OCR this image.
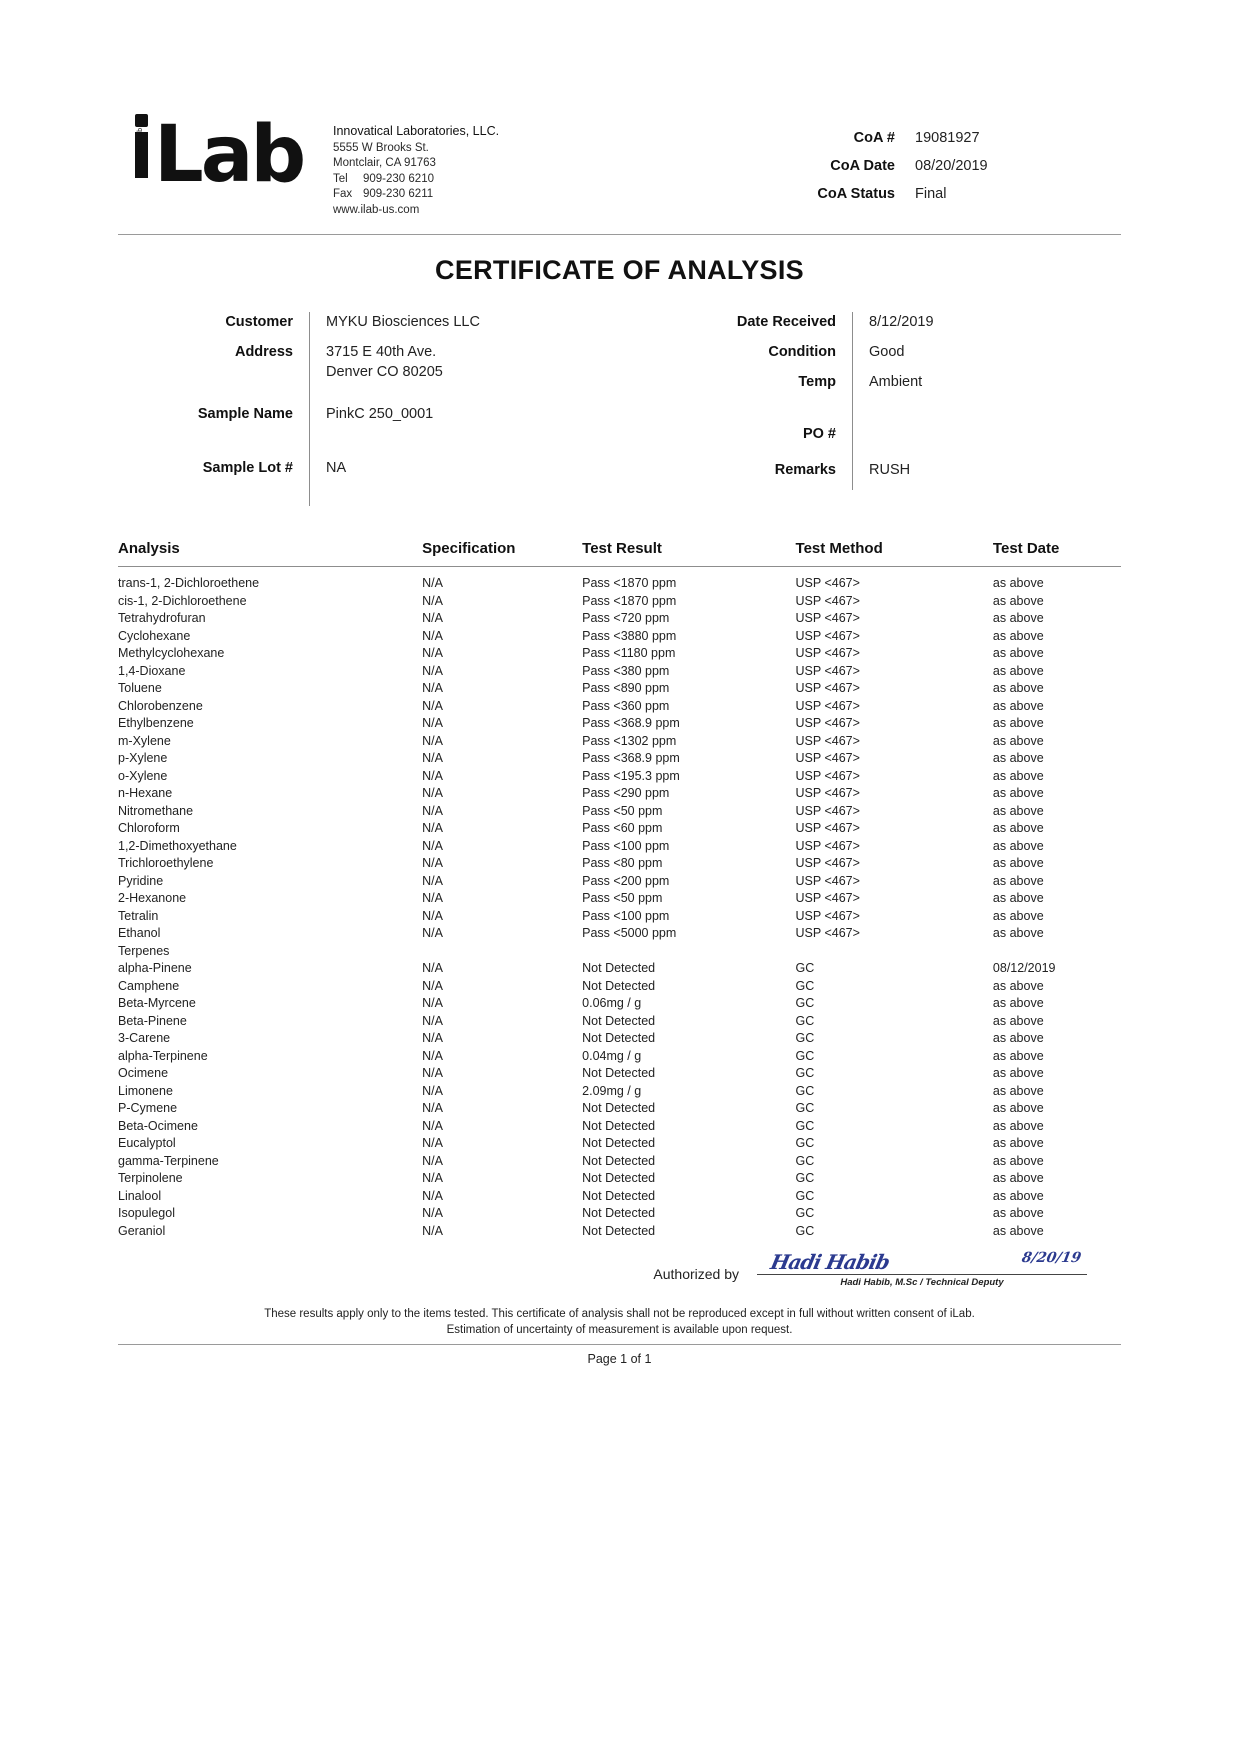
of iLab Lab Innovatical Laboratories, LLC.
5555 W Brooks St.
Montclair, CA 91763
Tel 909-230 6210
Fax 909-230 6211
www.ilab-us.com
CoA #	19081927
CoA Date	08/20/2019
CoA Status	Final
CERTIFICATE OF ANALYSIS
Customer	MYKU Biosciences LLC
Address	3715 E 40th Ave.
Denver CO 80205
Sample Name	PinkC 250_0001
Sample Lot #	NA
Date Received	8/12/2019
Condition	Good
Temp	Ambient
PO #
Remarks	RUSH
Analysis	Specification	Test Result	Test Method	Test Date
trans-1, 2-Dichloroethene	N/A	Pass <1870 ppm	USP <467>	as above
cis-1, 2-Dichloroethene	N/A	Pass <1870 ppm	USP <467>	as above
Tetrahydrofuran	N/A	Pass <720 ppm	USP <467>	as above
Cyclohexane	N/A	Pass <3880 ppm	USP <467>	as above
Methylcyclohexane	N/A	Pass <1180 ppm	USP <467>	as above
1,4-Dioxane	N/A	Pass <380 ppm	USP <467>	as above
Toluene	N/A	Pass <890 ppm	USP <467>	as above
Chlorobenzene	N/A	Pass <360 ppm	USP <467>	as above
Ethylbenzene	N/A	Pass <368.9 ppm	USP <467>	as above
m-Xylene	N/A	Pass <1302 ppm	USP <467>	as above
p-Xylene	N/A	Pass <368.9 ppm	USP <467>	as above
o-Xylene	N/A	Pass <195.3 ppm	USP <467>	as above
n-Hexane	N/A	Pass <290 ppm	USP <467>	as above
Nitromethane	N/A	Pass <50 ppm	USP <467>	as above
Chloroform	N/A	Pass <60 ppm	USP <467>	as above
1,2-Dimethoxyethane	N/A	Pass <100 ppm	USP <467>	as above
Trichloroethylene	N/A	Pass <80 ppm	USP <467>	as above
Pyridine	N/A	Pass <200 ppm	USP <467>	as above
2-Hexanone	N/A	Pass <50 ppm	USP <467>	as above
Tetralin	N/A	Pass <100 ppm	USP <467>	as above
Ethanol	N/A	Pass <5000 ppm	USP <467>	as above
Terpenes				
alpha-Pinene	N/A	Not Detected	GC	08/12/2019
Camphene	N/A	Not Detected	GC	as above
Beta-Myrcene	N/A	0.06mg / g	GC	as above
Beta-Pinene	N/A	Not Detected	GC	as above
3-Carene	N/A	Not Detected	GC	as above
alpha-Terpinene	N/A	0.04mg / g	GC	as above
Ocimene	N/A	Not Detected	GC	as above
Limonene	N/A	2.09mg / g	GC	as above
P-Cymene	N/A	Not Detected	GC	as above
Beta-Ocimene	N/A	Not Detected	GC	as above
Eucalyptol	N/A	Not Detected	GC	as above
gamma-Terpinene	N/A	Not Detected	GC	as above
Terpinolene	N/A	Not Detected	GC	as above
Linalool	N/A	Not Detected	GC	as above
Isopulegol	N/A	Not Detected	GC	as above
Geraniol	N/A	Not Detected	GC	as above
Authorized by	Hadi Habib	8/20/19
Hadi Habib, M.Sc / Technical Deputy
These results apply only to the items tested. This certificate of analysis shall not be reproduced except in full without written consent of iLab.
Estimation of uncertainty of measurement is available upon request.
Page 1 of 1
